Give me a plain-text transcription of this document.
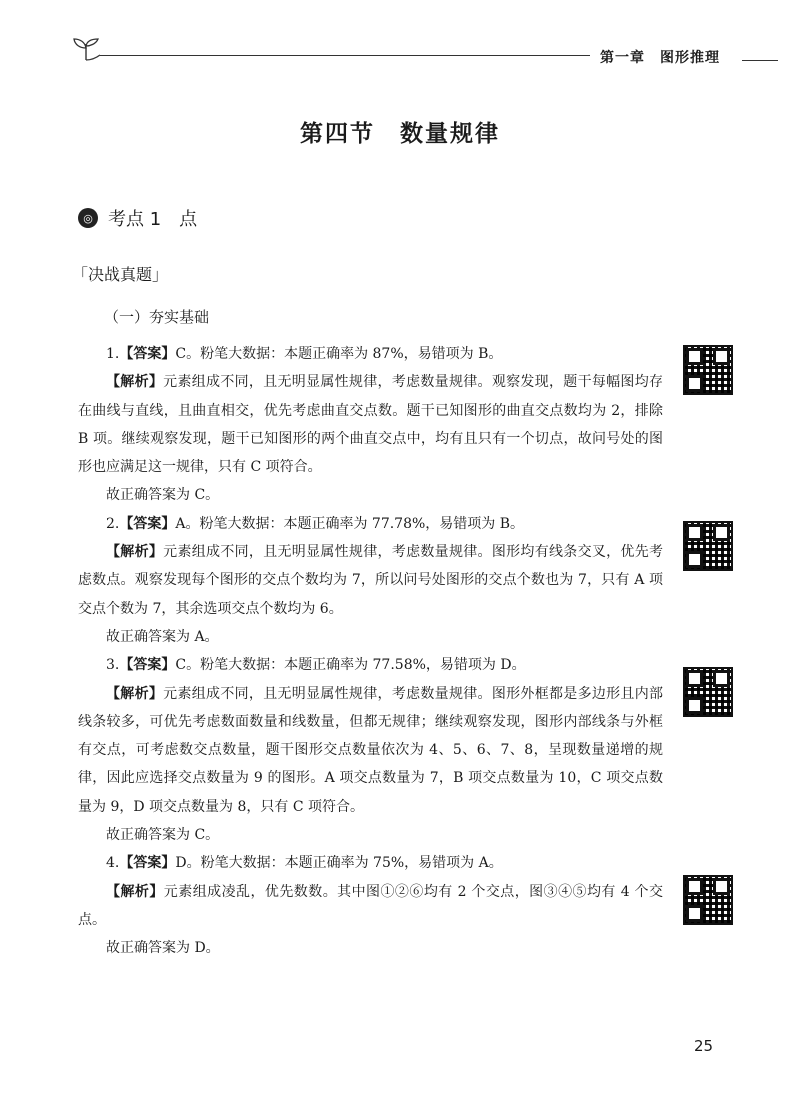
第一章　图形推理
第四节　数量规律
◎ 考点 1　点
「决战真题」
（一）夯实基础

1.【答案】C。粉笔大数据：本题正确率为 87%，易错项为 B。

【解析】元素组成不同，且无明显属性规律，考虑数量规律。观察发现，题干每幅图均存在曲线与直线，且曲直相交，优先考虑曲直交点数。题干已知图形的曲直交点数均为 2，排除 B 项。继续观察发现，题干已知图形的两个曲直交点中，均有且只有一个切点，故问号处的图形也应满足这一规律，只有 C 项符合。

故正确答案为 C。

2.【答案】A。粉笔大数据：本题正确率为 77.78%，易错项为 B。

【解析】元素组成不同，且无明显属性规律，考虑数量规律。图形均有线条交叉，优先考虑数点。观察发现每个图形的交点个数均为 7，所以问号处图形的交点个数也为 7，只有 A 项交点个数为 7，其余选项交点个数均为 6。

故正确答案为 A。

3.【答案】C。粉笔大数据：本题正确率为 77.58%，易错项为 D。

【解析】元素组成不同，且无明显属性规律，考虑数量规律。图形外框都是多边形且内部线条较多，可优先考虑数面数量和线数量，但都无规律；继续观察发现，图形内部线条与外框有交点，可考虑数交点数量，题干图形交点数量依次为 4、5、6、7、8，呈现数量递增的规律，因此应选择交点数量为 9 的图形。A 项交点数量为 7，B 项交点数量为 10，C 项交点数量为 9，D 项交点数量为 8，只有 C 项符合。

故正确答案为 C。

4.【答案】D。粉笔大数据：本题正确率为 75%，易错项为 A。

【解析】元素组成凌乱，优先数数。其中图①②⑥均有 2 个交点，图③④⑤均有 4 个交点。

故正确答案为 D。

25
